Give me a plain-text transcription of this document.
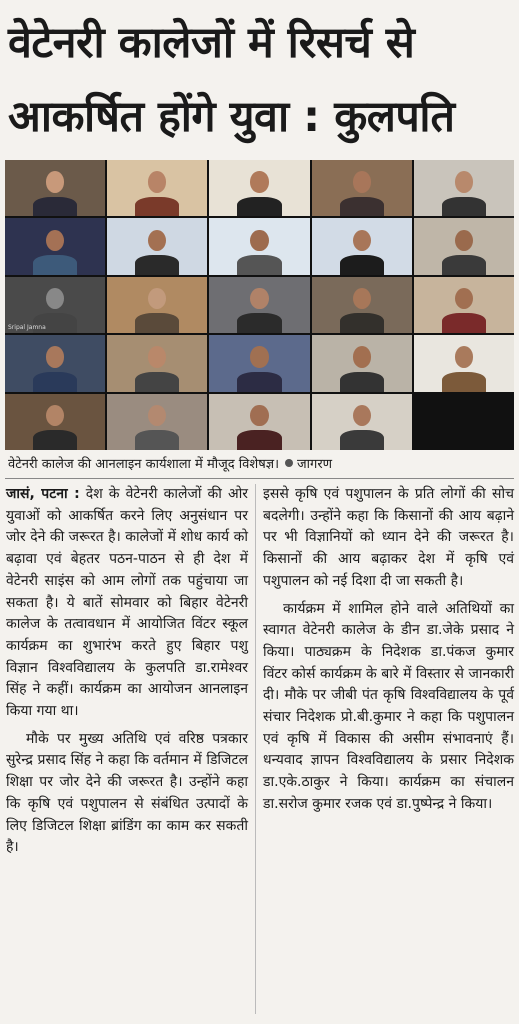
वेटेनरी कालेजों में रिसर्च से
आकर्षित होंगे युवा : कुलपति
Sripal Jamna
वेटेनरी कालेज की आनलाइन कार्यशाला में मौजूद विशेषज्ञ। जागरण

जासं, पटना : देश के वेटेनरी कालेजों की ओर युवाओं को आकर्षित करने लिए अनुसंधान पर जोर देने की जरूरत है। कालेजों में शोध कार्य को बढ़ावा एवं बेहतर पठन-पाठन से ही देश में वेटेनरी साइंस को आम लोगों तक पहुंचाया जा सकता है। ये बातें सोमवार को बिहार वेटेनरी कालेज के तत्वावधान में आयोजित विंटर स्कूल कार्यक्रम का शुभारंभ करते हुए बिहार पशु विज्ञान विश्वविद्यालय के कुलपति डा.रामेश्वर सिंह ने कहीं। कार्यक्रम का आयोजन आनलाइन किया गया था।

मौके पर मुख्य अतिथि एवं वरिष्ठ पत्रकार सुरेन्द्र प्रसाद सिंह ने कहा कि वर्तमान में डिजिटल शिक्षा पर जोर देने की जरूरत है। उन्होंने कहा कि कृषि एवं पशुपालन से संबंधित उत्पादों के लिए डिजिटल शिक्षा ब्रांडिंग का काम कर सकती है।

इससे कृषि एवं पशुपालन के प्रति लोगों की सोच बदलेगी। उन्होंने कहा कि किसानों की आय बढ़ाने पर भी विज्ञानियों को ध्यान देने की जरूरत है। किसानों की आय बढ़ाकर देश में कृषि एवं पशुपालन को नई दिशा दी जा सकती है।

कार्यक्रम में शामिल होने वाले अतिथियों का स्वागत वेटेनरी कालेज के डीन डा.जेके प्रसाद ने किया। पाठ्यक्रम के निदेशक डा.पंकज कुमार विंटर कोर्स कार्यक्रम के बारे में विस्तार से जानकारी दी। मौके पर जीबी पंत कृषि विश्वविद्यालय के पूर्व संचार निदेशक प्रो.बी.कुमार ने कहा कि पशुपालन एवं कृषि में विकास की असीम संभावनाएं हैं। धन्यवाद ज्ञापन विश्वविद्यालय के प्रसार निदेशक डा.एके.ठाकुर ने किया। कार्यक्रम का संचालन डा.सरोज कुमार रजक एवं डा.पुष्पेन्द्र ने किया।
